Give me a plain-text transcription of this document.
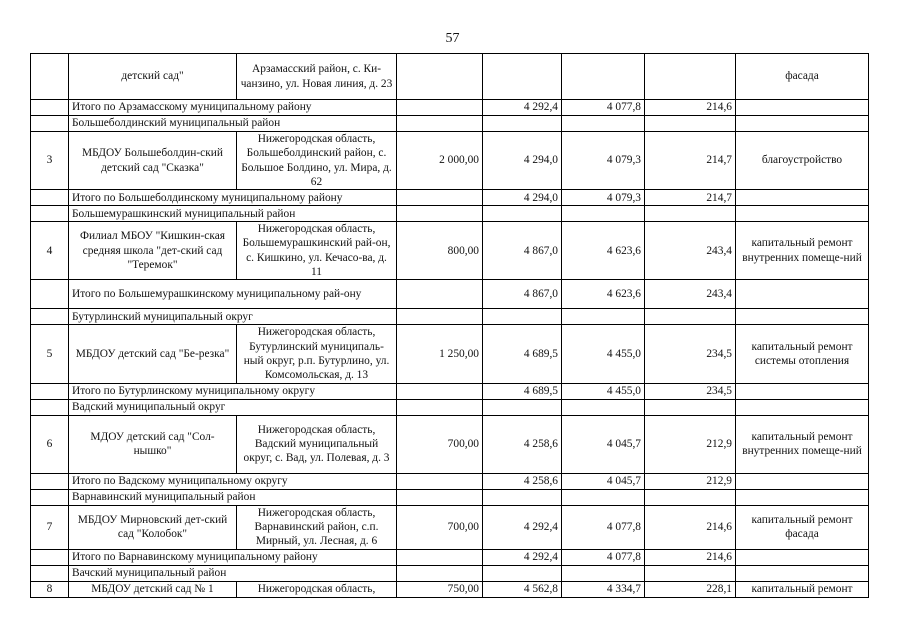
57
	детский сад"	Арзамасский район, с. Ки-чанзино, ул. Новая линия, д. 23					фасада
	Итого по Арзамасскому муниципальному району			4 292,4	4 077,8	214,6	
	Большеболдинский муниципальный район						
3	МБДОУ Большеболдин-ский детский сад "Сказка"	Нижегородская область, Большеболдинский район, с. Большое Болдино, ул. Мира, д. 62	2 000,00	4 294,0	4 079,3	214,7	благоустройство
	Итого по Большеболдинскому муниципальному району			4 294,0	4 079,3	214,7	
	Большемурашкинский муниципальный район						
4	Филиал МБОУ "Кишкин-ская средняя школа "дет-ский сад "Теремок"	Нижегородская область, Большемурашкинский рай-он, с. Кишкино, ул. Кечасо-ва, д. 11	800,00	4 867,0	4 623,6	243,4	капитальный ремонт внутренних помеще-ний
	Итого по Большемурашкинскому муниципальному рай-ону			4 867,0	4 623,6	243,4	
	Бутурлинский муниципальный округ						
5	МБДОУ детский сад "Бе-резка"	Нижегородская область, Бутурлинский муниципаль-ный округ, р.п. Бутурлино, ул. Комсомольская, д. 13	1 250,00	4 689,5	4 455,0	234,5	капитальный ремонт системы отопления
	Итого по Бутурлинскому муниципальному округу			4 689,5	4 455,0	234,5	
	Вадский муниципальный округ						
6	МДОУ детский сад "Сол-нышко"	Нижегородская область, Вадский муниципальный округ, с. Вад, ул. Полевая, д. 3	700,00	4 258,6	4 045,7	212,9	капитальный ремонт внутренних помеще-ний
	Итого по Вадскому муниципальному округу			4 258,6	4 045,7	212,9	
	Варнавинский муниципальный район						
7	МБДОУ Мирновский дет-ский сад "Колобок"	Нижегородская область, Варнавинский район, с.п. Мирный, ул. Лесная, д. 6	700,00	4 292,4	4 077,8	214,6	капитальный ремонт фасада
	Итого по Варнавинскому муниципальному району			4 292,4	4 077,8	214,6	
	Вачский муниципальный район						
8	МБДОУ детский сад № 1	Нижегородская область,	750,00	4 562,8	4 334,7	228,1	капитальный ремонт
